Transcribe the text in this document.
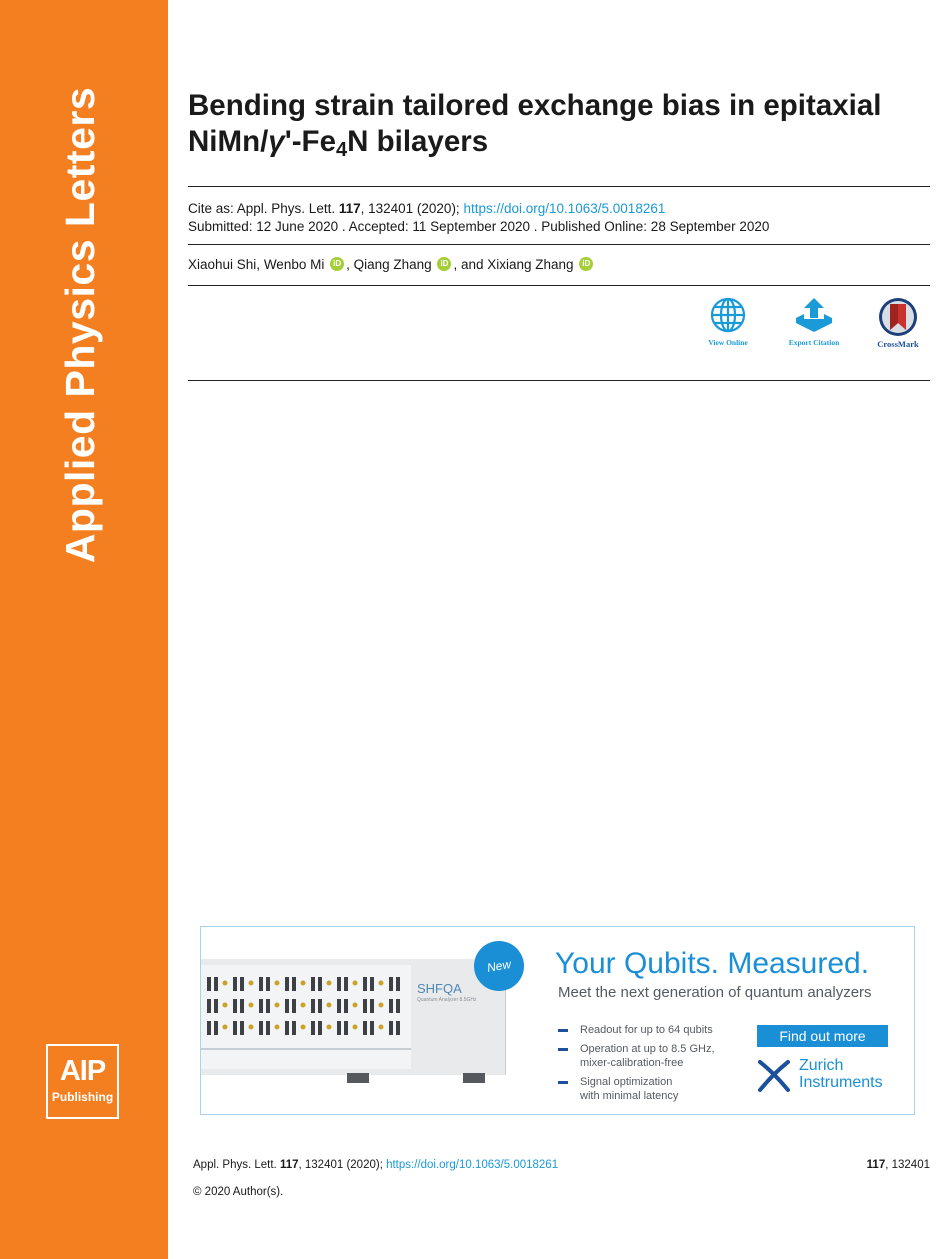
Applied Physics Letters
AIP
Publishing
Bending strain tailored exchange bias in epitaxial NiMn/$\gamma'-Fe_4N$ bilayers
Cite as: Appl. Phys. Lett. 117, 132401 (2020); https://doi.org/10.1063/5.0018261
Submitted: 12 June 2020 . Accepted: 11 September 2020 . Published Online: 28 September 2020
Xiaohui Shi, Wenbo Mi iD , Qiang Zhang iD , and Xixiang Zhang iD
View Online	Export Citation	CrossMark
SHFQA
Quantum Analyzer 8.5GHz
New	Your Qubits. Measured.
Meet the next generation of quantum analyzers
Readout for up to 64 qubits
Operation at up to 8.5 GHz,
mixer-calibration-free
Signal optimization
with minimal latency
Find out more
Zurich
Instruments
Appl. Phys. Lett. 117, 132401 (2020); https://doi.org/10.1063/5.0018261	117, 132401
© 2020 Author(s).
